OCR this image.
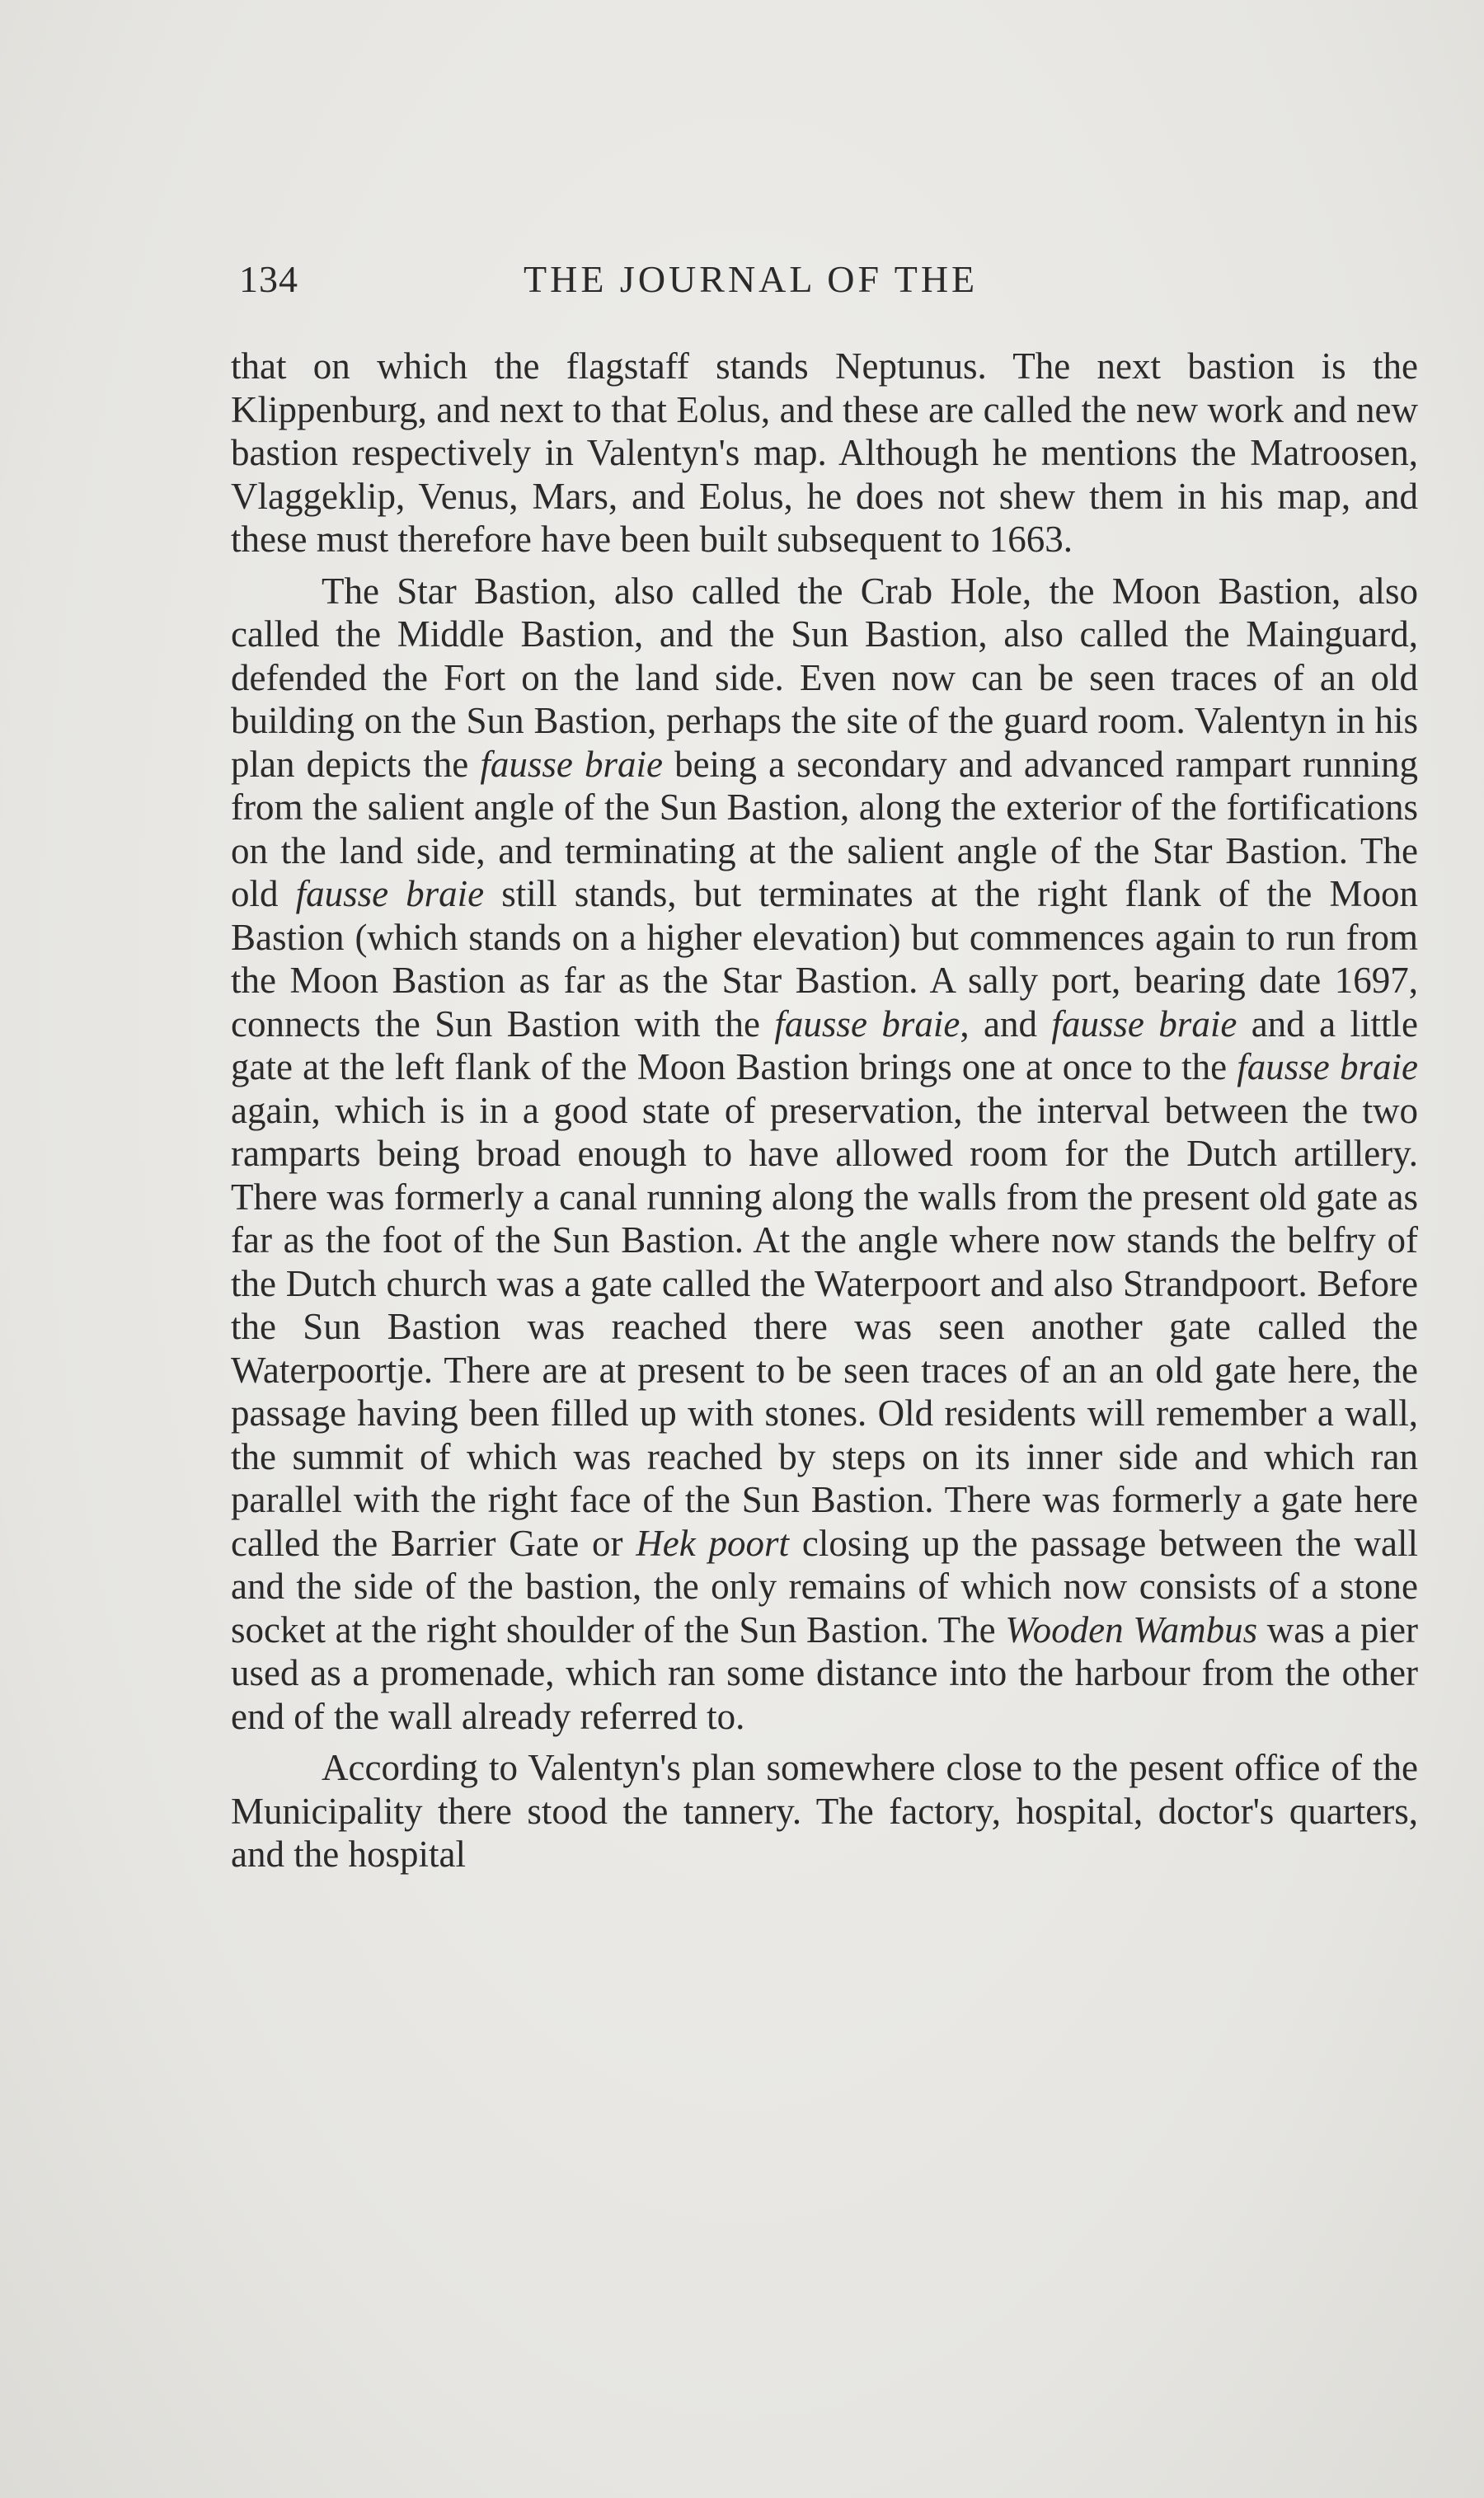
134	THE JOURNAL OF THE

that on which the flagstaff stands Neptunus. The next bastion is the Klippenburg, and next to that Eolus, and these are called the new work and new bastion respectively in Valentyn's map. Although he mentions the Matroosen, Vlaggeklip, Venus, Mars, and Eolus, he does not shew them in his map, and these must therefore have been built subsequent to 1663.

The Star Bastion, also called the Crab Hole, the Moon Bastion, also called the Middle Bastion, and the Sun Bastion, also called the Mainguard, defended the Fort on the land side. Even now can be seen traces of an old building on the Sun Bastion, perhaps the site of the guard room. Valentyn in his plan depicts the fausse braie being a secondary and advanced rampart running from the salient angle of the Sun Bastion, along the exterior of the fortifications on the land side, and terminating at the salient angle of the Star Bastion. The old fausse braie still stands, but terminates at the right flank of the Moon Bastion (which stands on a higher elevation) but commences again to run from the Moon Bastion as far as the Star Bastion. A sally port, bearing date 1697, connects the Sun Bastion with the fausse braie, and fausse braie and a little gate at the left flank of the Moon Bastion brings one at once to the fausse braie again, which is in a good state of preservation, the interval between the two ramparts being broad enough to have allowed room for the Dutch artillery. There was formerly a canal running along the walls from the present old gate as far as the foot of the Sun Bastion. At the angle where now stands the belfry of the Dutch church was a gate called the Waterpoort and also Strandpoort. Before the Sun Bastion was reached there was seen another gate called the Waterpoortje. There are at present to be seen traces of an an old gate here, the passage having been filled up with stones. Old residents will remember a wall, the summit of which was reached by steps on its inner side and which ran parallel with the right face of the Sun Bastion. There was formerly a gate here called the Barrier Gate or Hek poort closing up the passage between the wall and the side of the bastion, the only remains of which now consists of a stone socket at the right shoulder of the Sun Bastion. The Wooden Wambus was a pier used as a promenade, which ran some distance into the harbour from the other end of the wall already referred to.

According to Valentyn's plan somewhere close to the pesent office of the Municipality there stood the tannery. The factory, hospital, doctor's quarters, and the hospital
